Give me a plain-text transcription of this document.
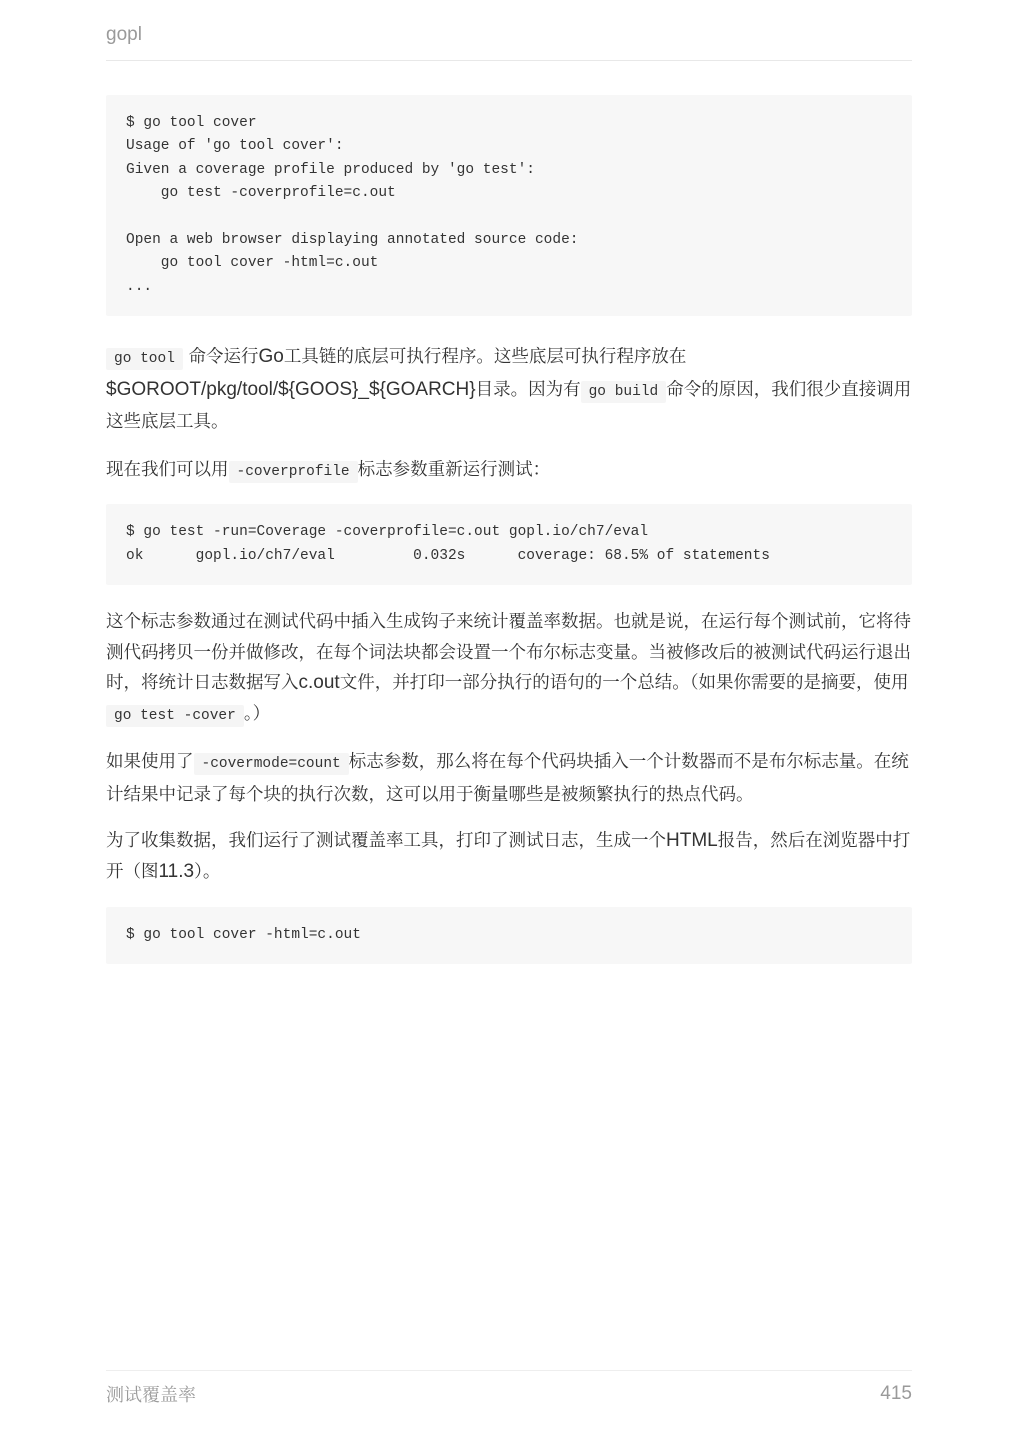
gopl
$ go tool cover
Usage of 'go tool cover':
Given a coverage profile produced by 'go test':
go test -coverprofile=c.out

Open a web browser displaying annotated source code:
go tool cover -html=c.out
...

go tool 命令运行Go工具链的底层可执行程序。这些底层可执行程序放在$GOROOT/pkg/tool/${GOOS}_${GOARCH}目录。因为有 go build 命令的原因，我们很少直接调用这些底层工具。

现在我们可以用 -coverprofile 标志参数重新运行测试：

$ go test -run=Coverage -coverprofile=c.out gopl.io/ch7/eval
ok      gopl.io/ch7/eval         0.032s      coverage: 68.5% of statements

这个标志参数通过在测试代码中插入生成钩子来统计覆盖率数据。也就是说，在运行每个测试前，它将待测代码拷贝一份并做修改，在每个词法块都会设置一个布尔标志变量。当被修改后的被测试代码运行退出时，将统计日志数据写入c.out文件，并打印一部分执行的语句的一个总结。（如果你需要的是摘要，使用go test -cover 。）

如果使用了 -covermode=count 标志参数，那么将在每个代码块插入一个计数器而不是布尔标志量。在统计结果中记录了每个块的执行次数，这可以用于衡量哪些是被频繁执行的热点代码。

为了收集数据，我们运行了测试覆盖率工具，打印了测试日志，生成一个HTML报告，然后在浏览器中打开（图11.3）。

$ go tool cover -html=c.out
测试覆盖率	415
